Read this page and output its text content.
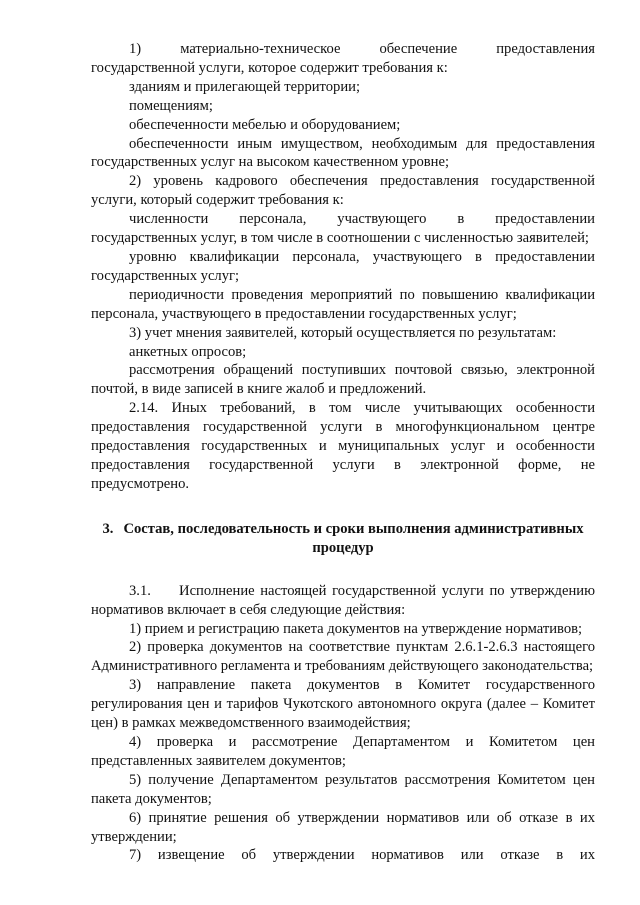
1) материально-техническое обеспечение предоставления государственной услуги, которое содержит требования к:

зданиям и прилегающей территории;

помещениям;

обеспеченности мебелью и оборудованием;

обеспеченности иным имуществом, необходимым для предоставления государственных услуг на высоком качественном уровне;

2) уровень кадрового обеспечения предоставления государственной услуги, который содержит требования к:

численности персонала, участвующего в предоставлении государственных услуг, в том числе в соотношении с численностью заявителей;

уровню квалификации персонала, участвующего в предоставлении государственных услуг;

периодичности проведения мероприятий по повышению квалификации персонала, участвующего в предоставлении государственных услуг;

3) учет мнения заявителей, который осуществляется по результатам:

анкетных опросов;

рассмотрения обращений поступивших почтовой связью, электронной почтой, в виде записей в книге жалоб и предложений.

2.14. Иных требований, в том числе учитывающих особенности предоставления государственной услуги в многофункциональном центре предоставления государственных и муниципальных услуг и особенности предоставления государственной услуги в электронной форме, не предусмотрено.

3. Состав, последовательность и сроки выполнения административных процедур

3.1.     Исполнение настоящей государственной услуги по утверждению нормативов включает в себя следующие действия:

1) прием и регистрацию пакета документов на утверждение нормативов;

2) проверка документов на соответствие пунктам 2.6.1-2.6.3 настоящего Административного регламента и требованиям действующего законодательства;

3) направление пакета документов в Комитет государственного регулирования цен и тарифов Чукотского автономного округа (далее – Комитет цен) в рамках межведомственного взаимодействия;

4) проверка и рассмотрение Департаментом и Комитетом цен представленных заявителем документов;

5) получение Департаментом результатов рассмотрения Комитетом цен пакета документов;

6) принятие решения об утверждении нормативов или об отказе в их утверждении;

7) извещение об утверждении нормативов или отказе в их
